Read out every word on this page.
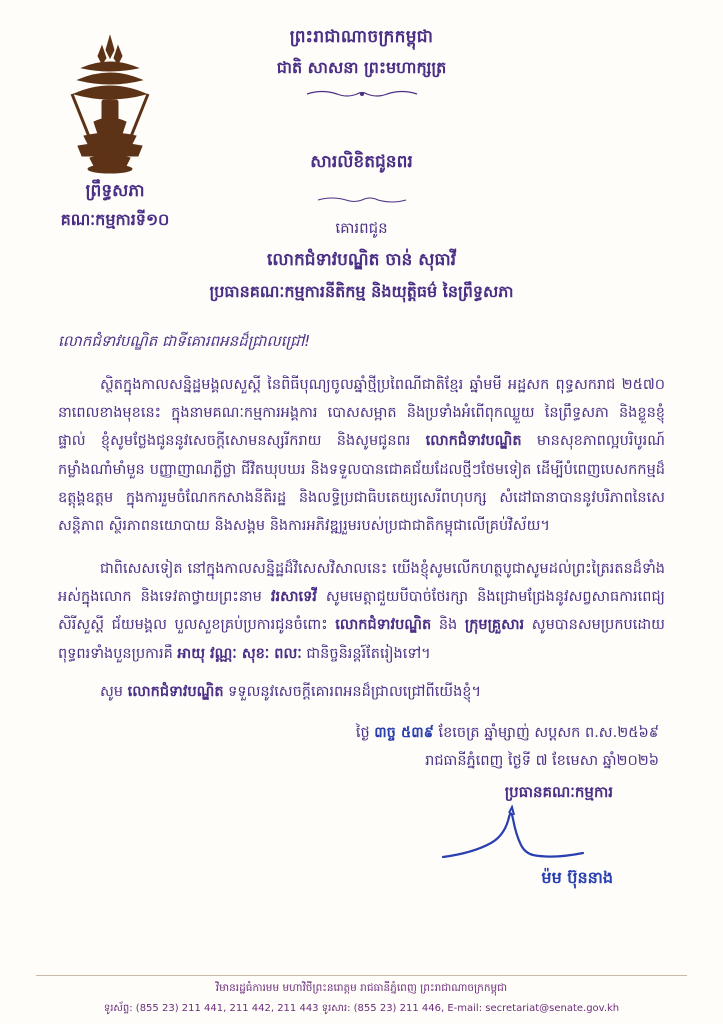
ព្រឹទ្ធសភា
គណៈកម្មការទី១០
ព្រះរាជាណាចក្រកម្ពុជា
ជាតិ សាសនា ព្រះមហាក្សត្រ
សារលិខិតជូនពរ
គោរពជូន
លោកជំទាវបណ្ឌិត ចាន់ សុធាវី
ប្រធានគណៈកម្មការនីតិកម្ម និងយុត្តិធម៌ នៃព្រឹទ្ធសភា
លោកជំទាវបណ្ឌិត ជាទីគោរពអនដ៏ជ្រាលជ្រៅ!

ស្ថិតក្នុងកាលសន្និដ្ឋមង្គលសួស្តី នៃពិធីបុណ្យចូលឆ្នាំថ្មីប្រពៃណីជាតិខ្មែរ ឆ្នាំមមី អដ្ឋសក ពុទ្ធសករាជ ២៥៧០ នាពេលខាងមុខនេះ ក្នុងនាមគណៈកម្មការអង្គការ បោសសម្អាត និងប្រទាំងអំពើពុកឈ្លួយ នៃព្រឹទ្ធសភា និងខ្លួនខ្ញុំផ្ទាល់ ខ្ញុំសូមថ្លែងជូននូវសេចក្តីសោមនស្សរីករាយ និងសូមជូនពរ លោកជំទាវបណ្ឌិត មានសុខភាពល្អបរិបូរណ៍ កម្លាំងណាំមាំមួន បញ្ញាញាណភ្លឺថ្លា ជីវិតឃុបឃរ និងទទួលបានជោគជ័យដែលថ្មីៗថែមទៀត ដើម្បីបំពេញបេសកកម្មដ៏ឧត្តុង្គឧត្តម ក្នុងការរួមចំណែកកសាងនីតិរដ្ឋ និងលទ្ធិប្រជាធិបតេយ្យសេរីពហុបក្ស សំដៅធានាបាននូវបរិភាពនៃសេសន្តិភាព ស្ថិរភាពនយោបាយ និងសង្គម និងការអភិវឌ្ឍរួមរបស់ប្រជាជាតិកម្ពុជាលើគ្រប់វិស័យ។

ជាពិសេសទៀត នៅក្នុងកាលសន្និដ្ឋដ៏វិសេសវិសាលនេះ យើងខ្ញុំសូមលើកហត្ថបូជាសូមដល់ព្រះត្រៃរតនដ៏ទាំងអស់ក្នុងលោក និងទេវតាថ្វាយព្រះនាម វរសាទេវី សូមមេត្តាជួយបីបាច់ថែរក្សា និងជ្រោមជ្រែងនូវសព្វសាធការពេជ្យ សិរីសួស្តី ជ័យមង្គល បួលសួខគ្រប់ប្រការជូនចំពោះ លោកជំទាវបណ្ឌិត និង ក្រុមគ្រួសារ សូមបានសមប្រកបដោយពុទ្ធពរទាំងបួនប្រការគឺ អាយុ វណ្ណៈ សុខៈ ពលៈ ជានិច្ចនិរន្តរ៍តែរៀងទៅ។

សូម លោកជំទាវបណ្ឌិត ទទួលនូវសេចក្តីគោរពអនដ៏ជ្រាលជ្រៅពីយើងខ្ញុំ។

ថ្ងៃ ៣ច្ច ៥៣៩ ខែចេត្រ ឆ្នាំម្សាញ់ សប្តសក ព.ស.២៥៦៩
រាជធានីភ្នំពេញ ថ្ងៃទី ៧ ខែមេសា ឆ្នាំ២០២៦
ប្រធានគណៈកម្មការ
ម៉ម ប៊ុននាង
វិមានរដ្ឋធំការមម មហាវិថីព្រះនរោត្តម រាជធានីភ្នំពេញ ព្រះរាជាណាចក្រកម្ពុជា
ទូរស័ព្ទ: (855 23) 211 441, 211 442, 211 443 ទូរសារ: (855 23) 211 446, E-mail: secretariat@senate.gov.kh
